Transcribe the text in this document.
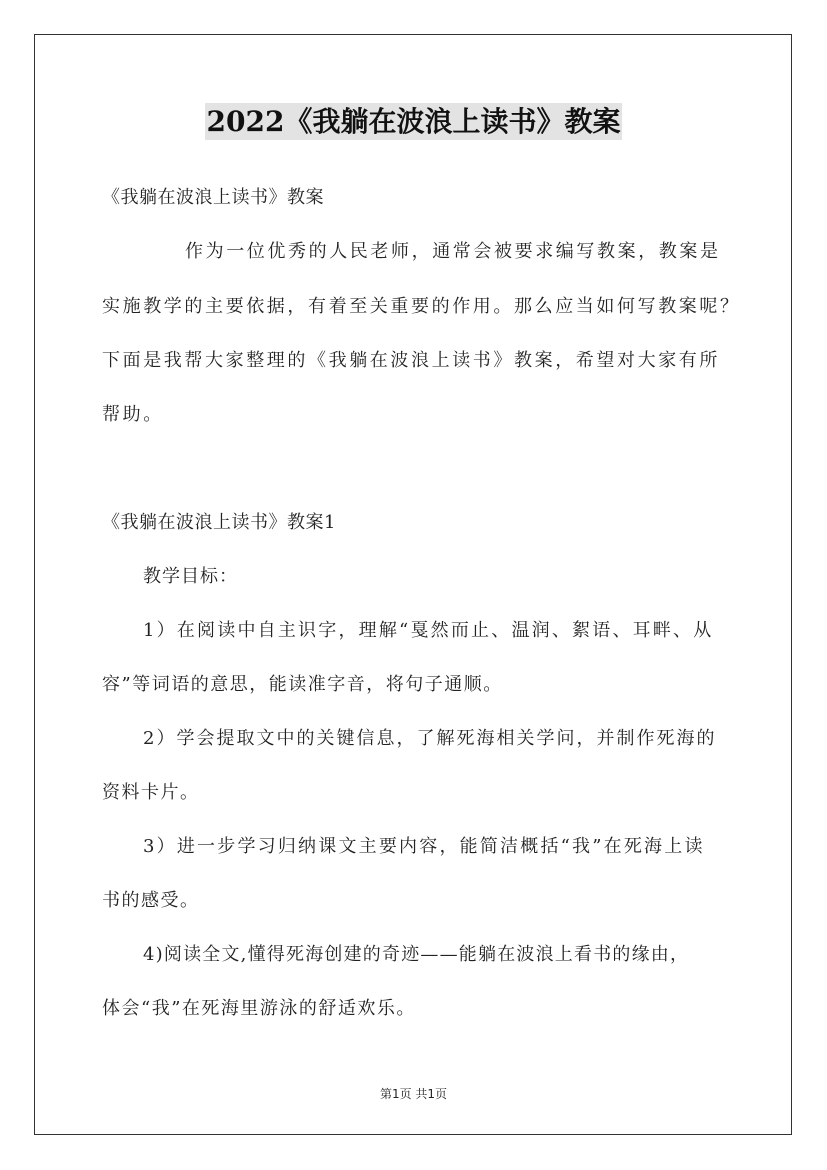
2022《我躺在波浪上读书》教案
《我躺在波浪上读书》教案
作为一位优秀的人民老师，通常会被要求编写教案，教案是
实施教学的主要依据，有着至关重要的作用。那么应当如何写教案呢？
下面是我帮大家整理的《我躺在波浪上读书》教案，希望对大家有所
帮助。
《我躺在波浪上读书》教案1
教学目标：
1）在阅读中自主识字，理解“戛然而止、温润、絮语、耳畔、从
容”等词语的意思，能读准字音，将句子通顺。
2）学会提取文中的关键信息，了解死海相关学问，并制作死海的
资料卡片。
3）进一步学习归纳课文主要内容，能简洁概括“我”在死海上读
书的感受。
4)阅读全文,懂得死海创建的奇迹——能躺在波浪上看书的缘由，
体会“我”在死海里游泳的舒适欢乐。
第1页 共1页
